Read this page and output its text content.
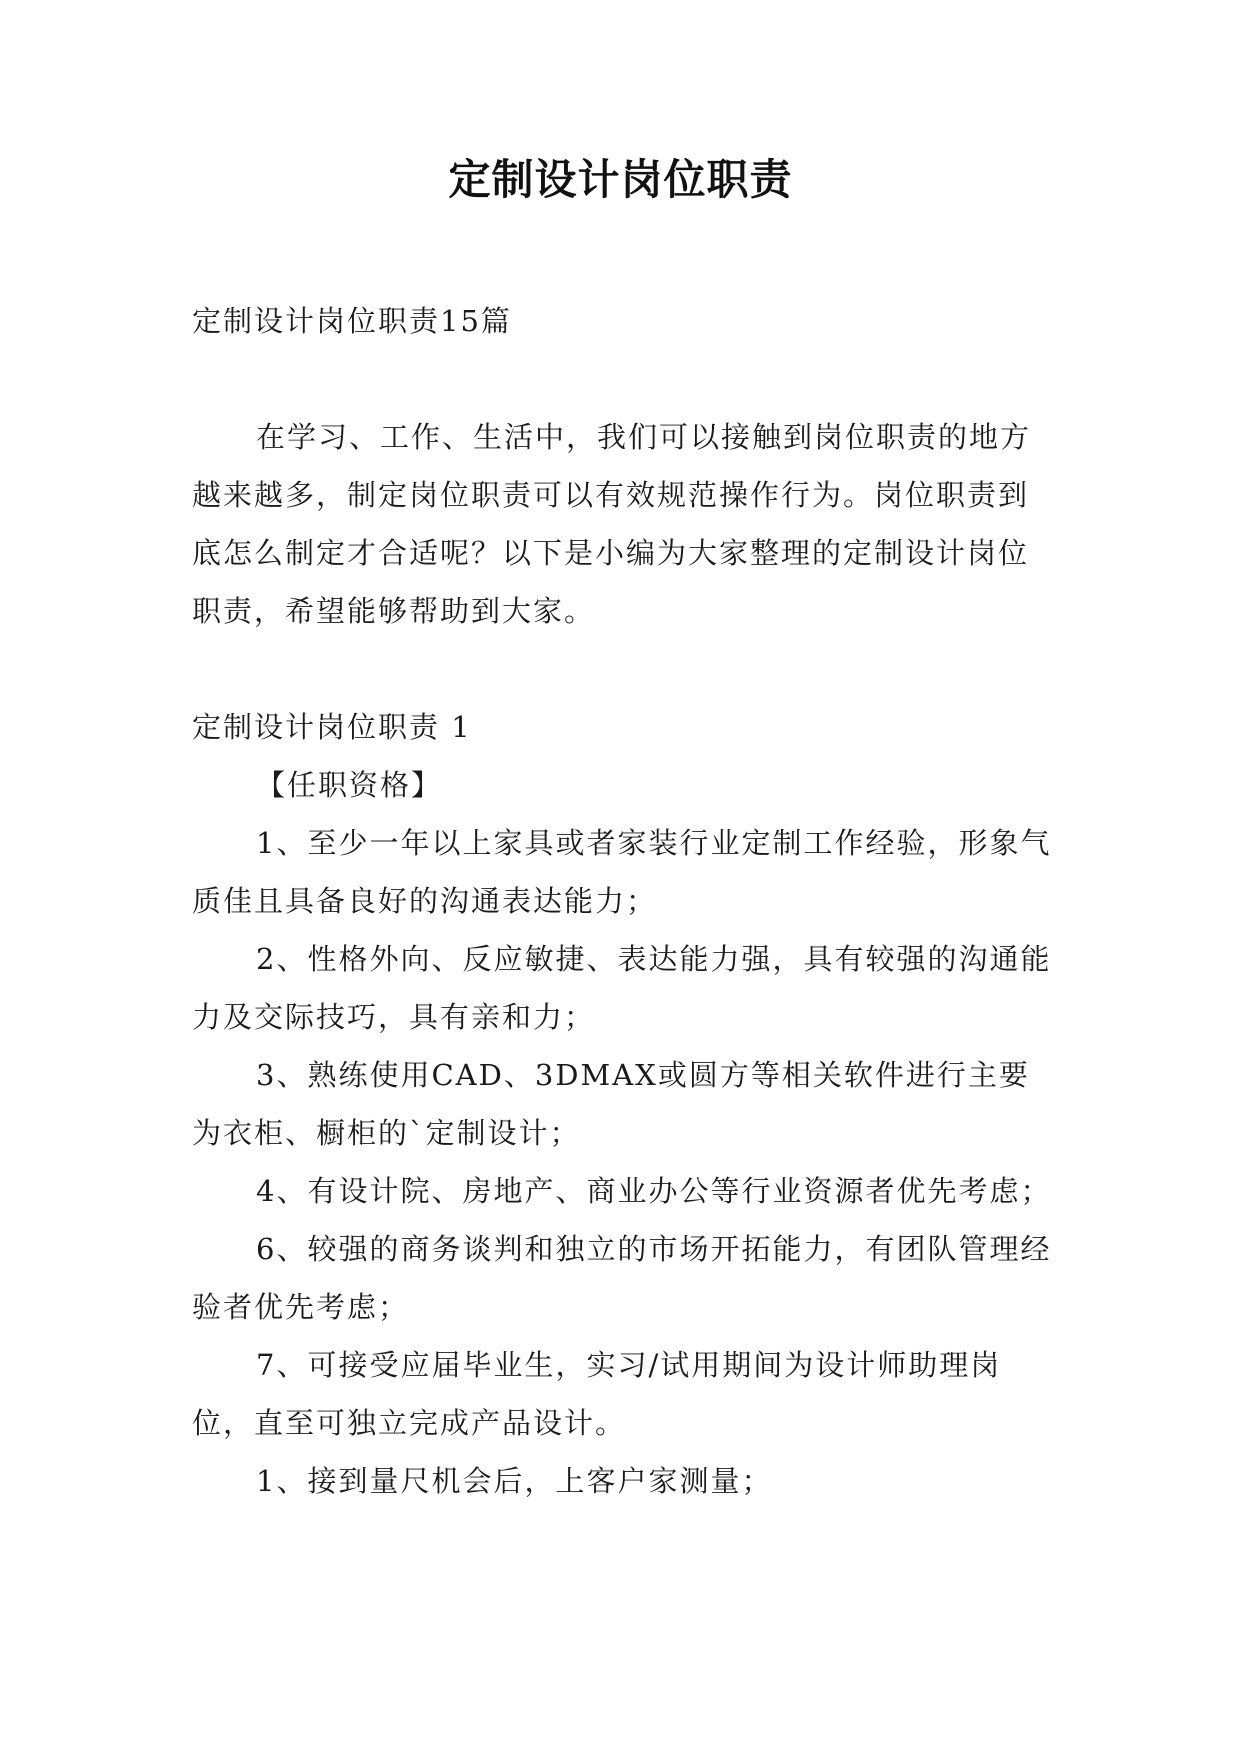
定制设计岗位职责

定制设计岗位职责15篇

在学习、工作、生活中，我们可以接触到岗位职责的地方越来越多，制定岗位职责可以有效规范操作行为。岗位职责到底怎么制定才合适呢？以下是小编为大家整理的定制设计岗位职责，希望能够帮助到大家。

定制设计岗位职责 1

【任职资格】

1、至少一年以上家具或者家装行业定制工作经验，形象气质佳且具备良好的沟通表达能力；

2、性格外向、反应敏捷、表达能力强，具有较强的沟通能力及交际技巧，具有亲和力；

3、熟练使用CAD、3DMAX或圆方等相关软件进行主要为衣柜、橱柜的`定制设计；

4、有设计院、房地产、商业办公等行业资源者优先考虑；

6、较强的商务谈判和独立的市场开拓能力，有团队管理经验者优先考虑；

7、可接受应届毕业生，实习/试用期间为设计师助理岗位，直至可独立完成产品设计。

1、接到量尺机会后，上客户家测量；
